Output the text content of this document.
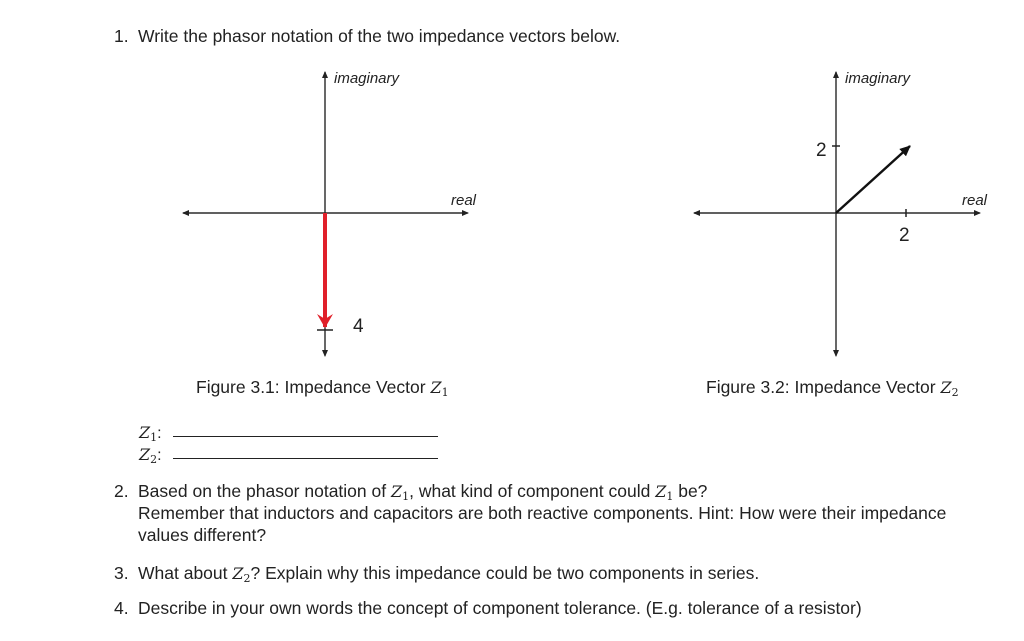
1. Write the phasor notation of the two impedance vectors below.
imaginary
real
4
Figure 3.1: Impedance Vector $Z_1$
imaginary
real
2
2
Figure 3.2: Impedance Vector $Z_2$
$Z_1$:
$Z_2$:
2. Based on the phasor notation of $Z_1$, what kind of component could $Z_1$ be?
Remember that inductors and capacitors are both reactive components. Hint: How were their impedance
values different?
3. What about $Z_2$? Explain why this impedance could be two components in series.
4. Describe in your own words the concept of component tolerance. (E.g. tolerance of a resistor)
